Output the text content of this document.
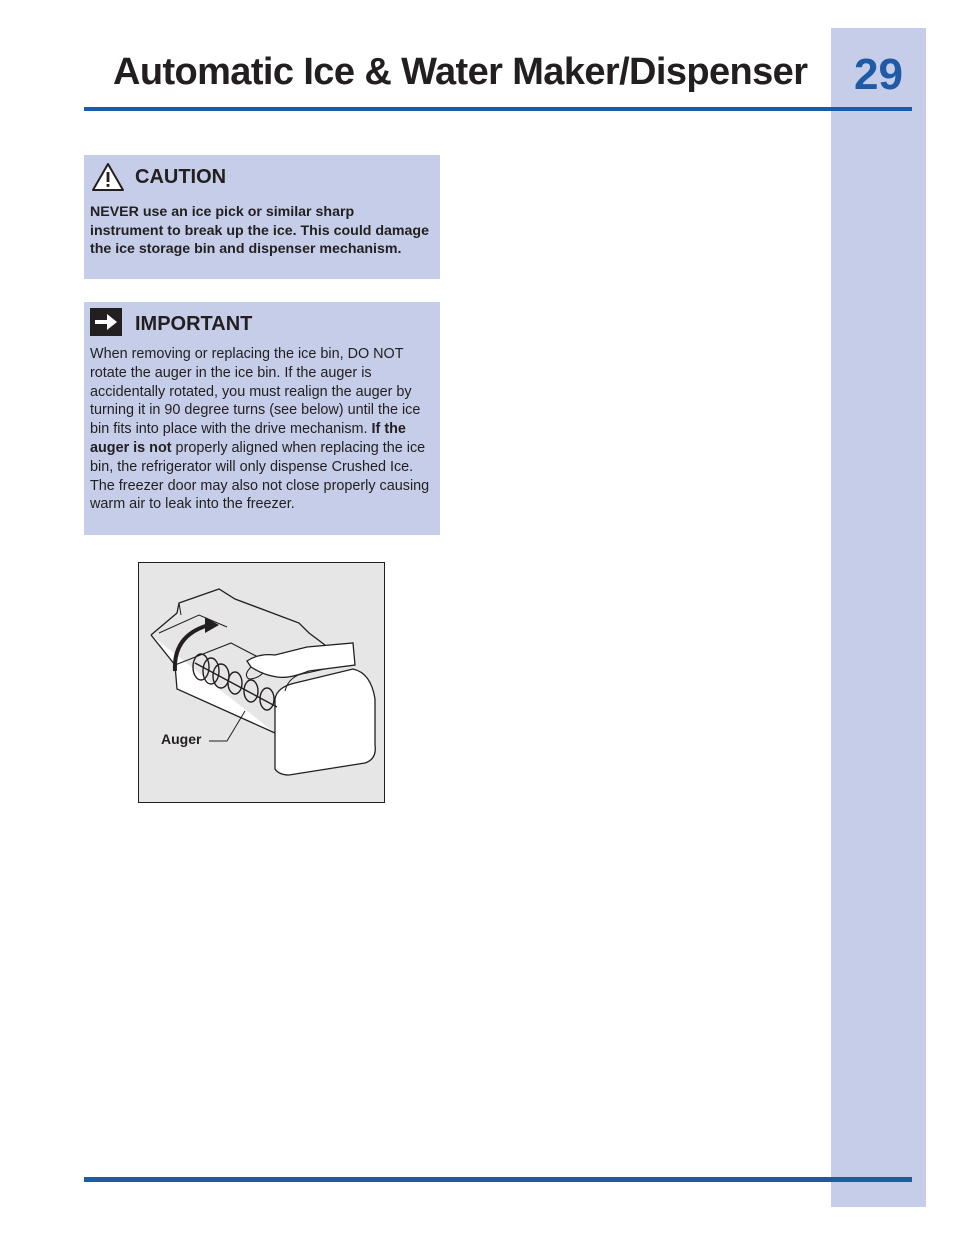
Automatic Ice & Water Maker/Dispenser	29
CAUTION
NEVER use an ice pick or similar sharp instrument to break up the ice. This could damage the ice storage bin and dispenser mechanism.
IMPORTANT
When removing or replacing the ice bin, DO NOT rotate the auger in the ice bin. If the auger is accidentally rotated, you must realign the auger by turning it in 90 degree turns (see below) until the ice bin fits into place with the drive mechanism. If the auger is not properly aligned when replacing the ice bin, the refrigerator will only dispense Crushed Ice. The freezer door may also not close properly causing warm air to leak into the freezer.
Auger
